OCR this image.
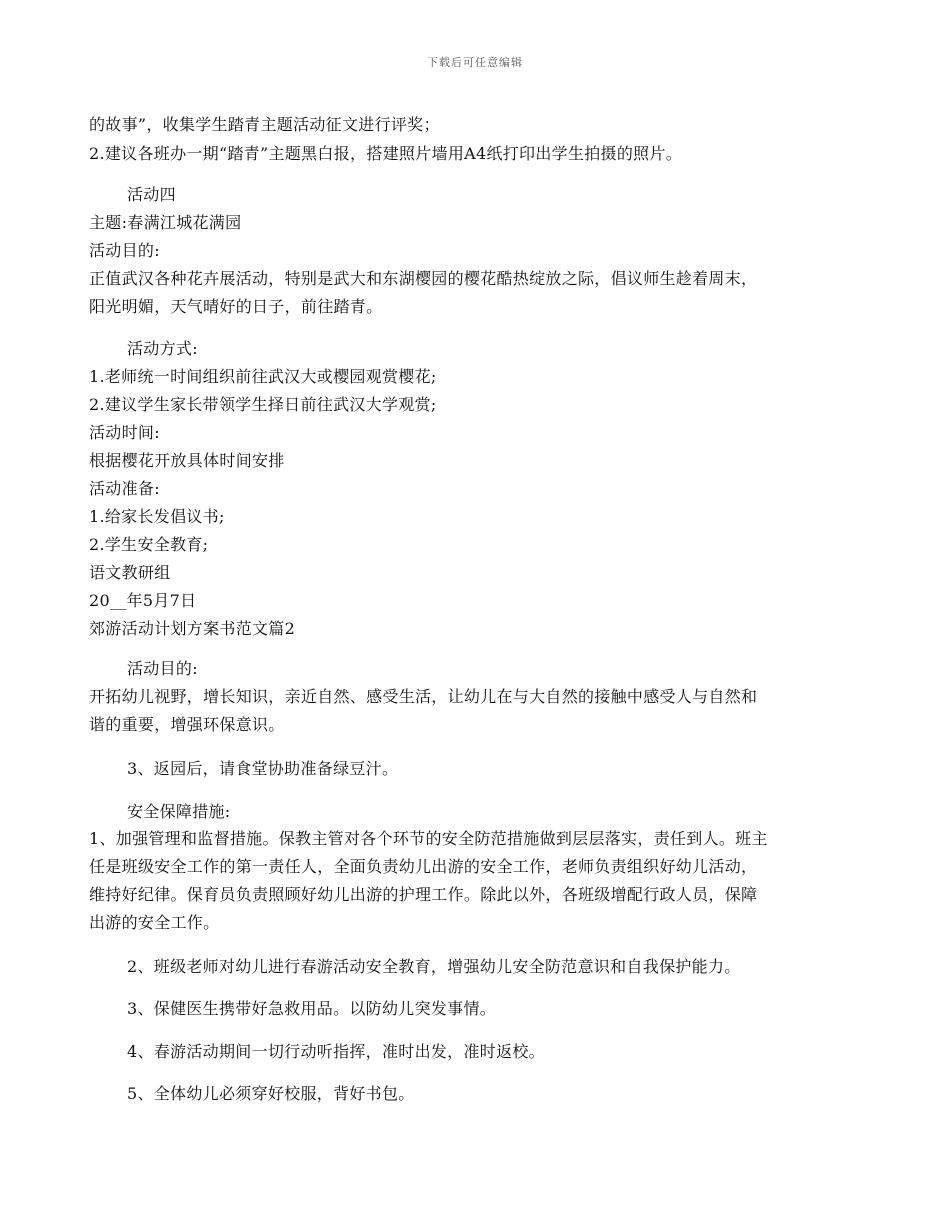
下载后可任意编辑
的故事”，收集学生踏青主题活动征文进行评奖；
2.建议各班办一期“踏青”主题黑白报，搭建照片墙用A4纸打印出学生拍摄的照片。
活动四
主题:春满江城花满园
活动目的:
正值武汉各种花卉展活动，特别是武大和东湖樱园的樱花酷热绽放之际，倡议师生趁着周末，
阳光明媚，天气晴好的日子，前往踏青。
活动方式:
1.老师统一时间组织前往武汉大或樱园观赏樱花;
2.建议学生家长带领学生择日前往武汉大学观赏;
活动时间:
根据樱花开放具体时间安排
活动准备:
1.给家长发倡议书;
2.学生安全教育;
语文教研组
20__年5月7日
郊游活动计划方案书范文篇2
活动目的:
开拓幼儿视野，增长知识，亲近自然、感受生活，让幼儿在与大自然的接触中感受人与自然和
谐的重要，增强环保意识。
3、返园后，请食堂协助准备绿豆汁。
安全保障措施:
1、加强管理和监督措施。保教主管对各个环节的安全防范措施做到层层落实，责任到人。班主
任是班级安全工作的第一责任人，全面负责幼儿出游的安全工作，老师负责组织好幼儿活动，
维持好纪律。保育员负责照顾好幼儿出游的护理工作。除此以外，各班级增配行政人员，保障
出游的安全工作。
2、班级老师对幼儿进行春游活动安全教育，增强幼儿安全防范意识和自我保护能力。
3、保健医生携带好急救用品。以防幼儿突发事情。
4、春游活动期间一切行动听指挥，准时出发，准时返校。
5、全体幼儿必须穿好校服，背好书包。
